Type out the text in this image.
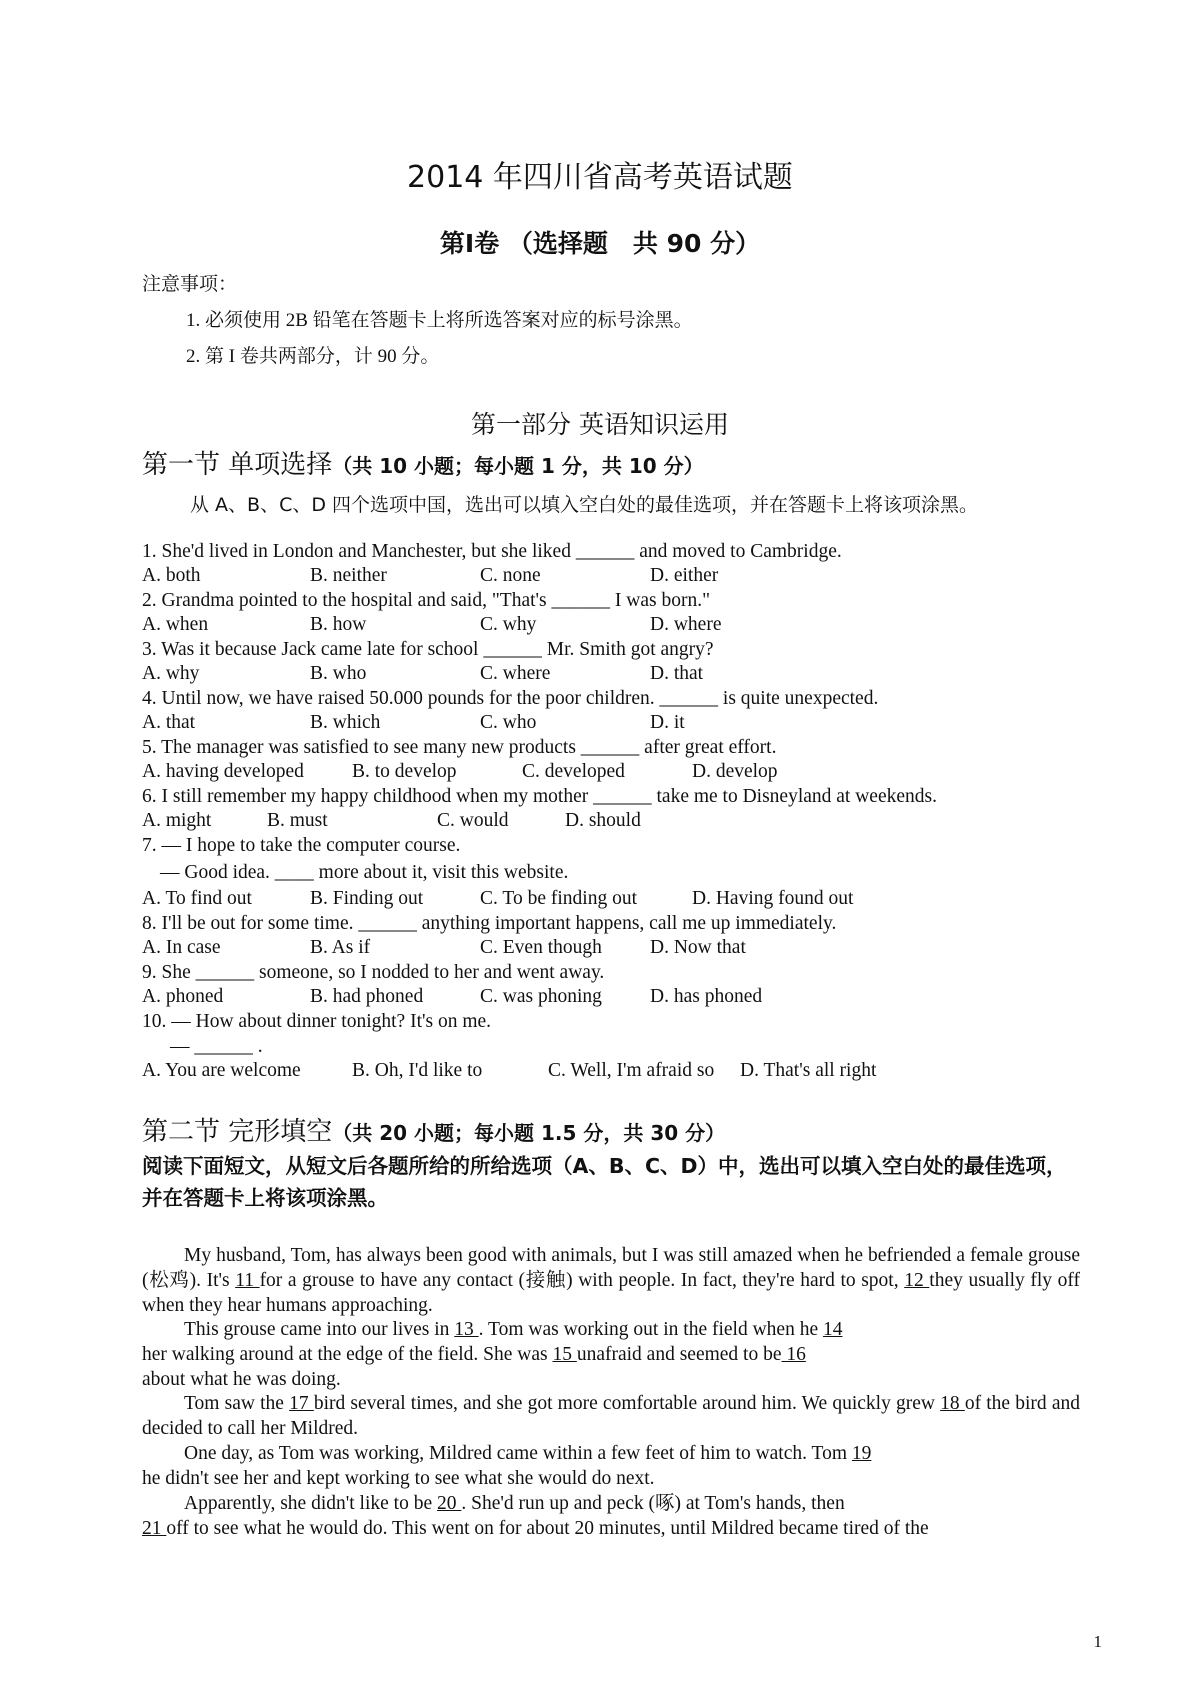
2014 年四川省高考英语试题
第Ⅰ卷 （选择题　共 90 分）
注意事项：
1. 必须使用 2B 铅笔在答题卡上将所选答案对应的标号涂黑。
2. 第 I 卷共两部分，计 90 分。
第一部分 英语知识运用
第一节 单项选择（共 10 小题；每小题 1 分，共 10 分）
从 A、B、C、D 四个选项中国，选出可以填入空白处的最佳选项，并在答题卡上将该项涂黑。
1. She'd lived in London and Manchester, but she liked ______ and moved to Cambridge.
A. both	B. neither	C. none	D. either
2. Grandma pointed to the hospital and said, "That's ______ I was born."
A. when	B. how	C. why	D. where
3. Was it because Jack came late for school ______ Mr. Smith got angry?
A. why	B. who	C. where	D. that
4. Until now, we have raised 50.000 pounds for the poor children. ______ is quite unexpected.
A. that	B. which	C. who	D. it
5. The manager was satisfied to see many new products ______ after great effort.
A. having developed B. to develop	C. developed	D. develop
6. I still remember my happy childhood when my mother ______ take me to Disneyland at weekends.
A. might	B. must	C. would	D. should
7. — I hope to take the computer course.
— Good idea. ____ more about it, visit this website.
A. To find out	B. Finding out	C. To be finding out	D. Having found out
8. I'll be out for some time. ______ anything important happens, call me up immediately.
A. In case	B. As if	C. Even though D. Now that
9. She ______ someone, so I nodded to her and went away.
A. phoned	B. had phoned	C. was phoning D. has phoned
10. — How about dinner tonight? It's on me.
— ______ .
A. You are welcome	B. Oh, I'd like to	C. Well, I'm afraid so D. That's all right
第二节 完形填空（共 20 小题；每小题 1.5 分，共 30 分）
阅读下面短文，从短文后各题所给的所给选项（A、B、C、D）中，选出可以填入空白处的最佳选项，并在答题卡上将该项涂黑。
My husband, Tom, has always been good with animals, but I was still amazed when he befriended a female grouse (松鸡). It's 11 for a grouse to have any contact (接触) with people. In fact, they're hard to spot, 12 they usually fly off when they hear humans approaching.
This grouse came into our lives in 13 . Tom was working out in the field when he 14
her walking around at the edge of the field. She was 15 unafraid and seemed to be 16
about what he was doing.
Tom saw the 17 bird several times, and she got more comfortable around him. We quickly grew 18 of the bird and decided to call her Mildred.
One day, as Tom was working, Mildred came within a few feet of him to watch. Tom 19
he didn't see her and kept working to see what she would do next.
Apparently, she didn't like to be 20 . She'd run up and peck (啄) at Tom's hands, then
21 off to see what he would do. This went on for about 20 minutes, until Mildred became tired of the
1
